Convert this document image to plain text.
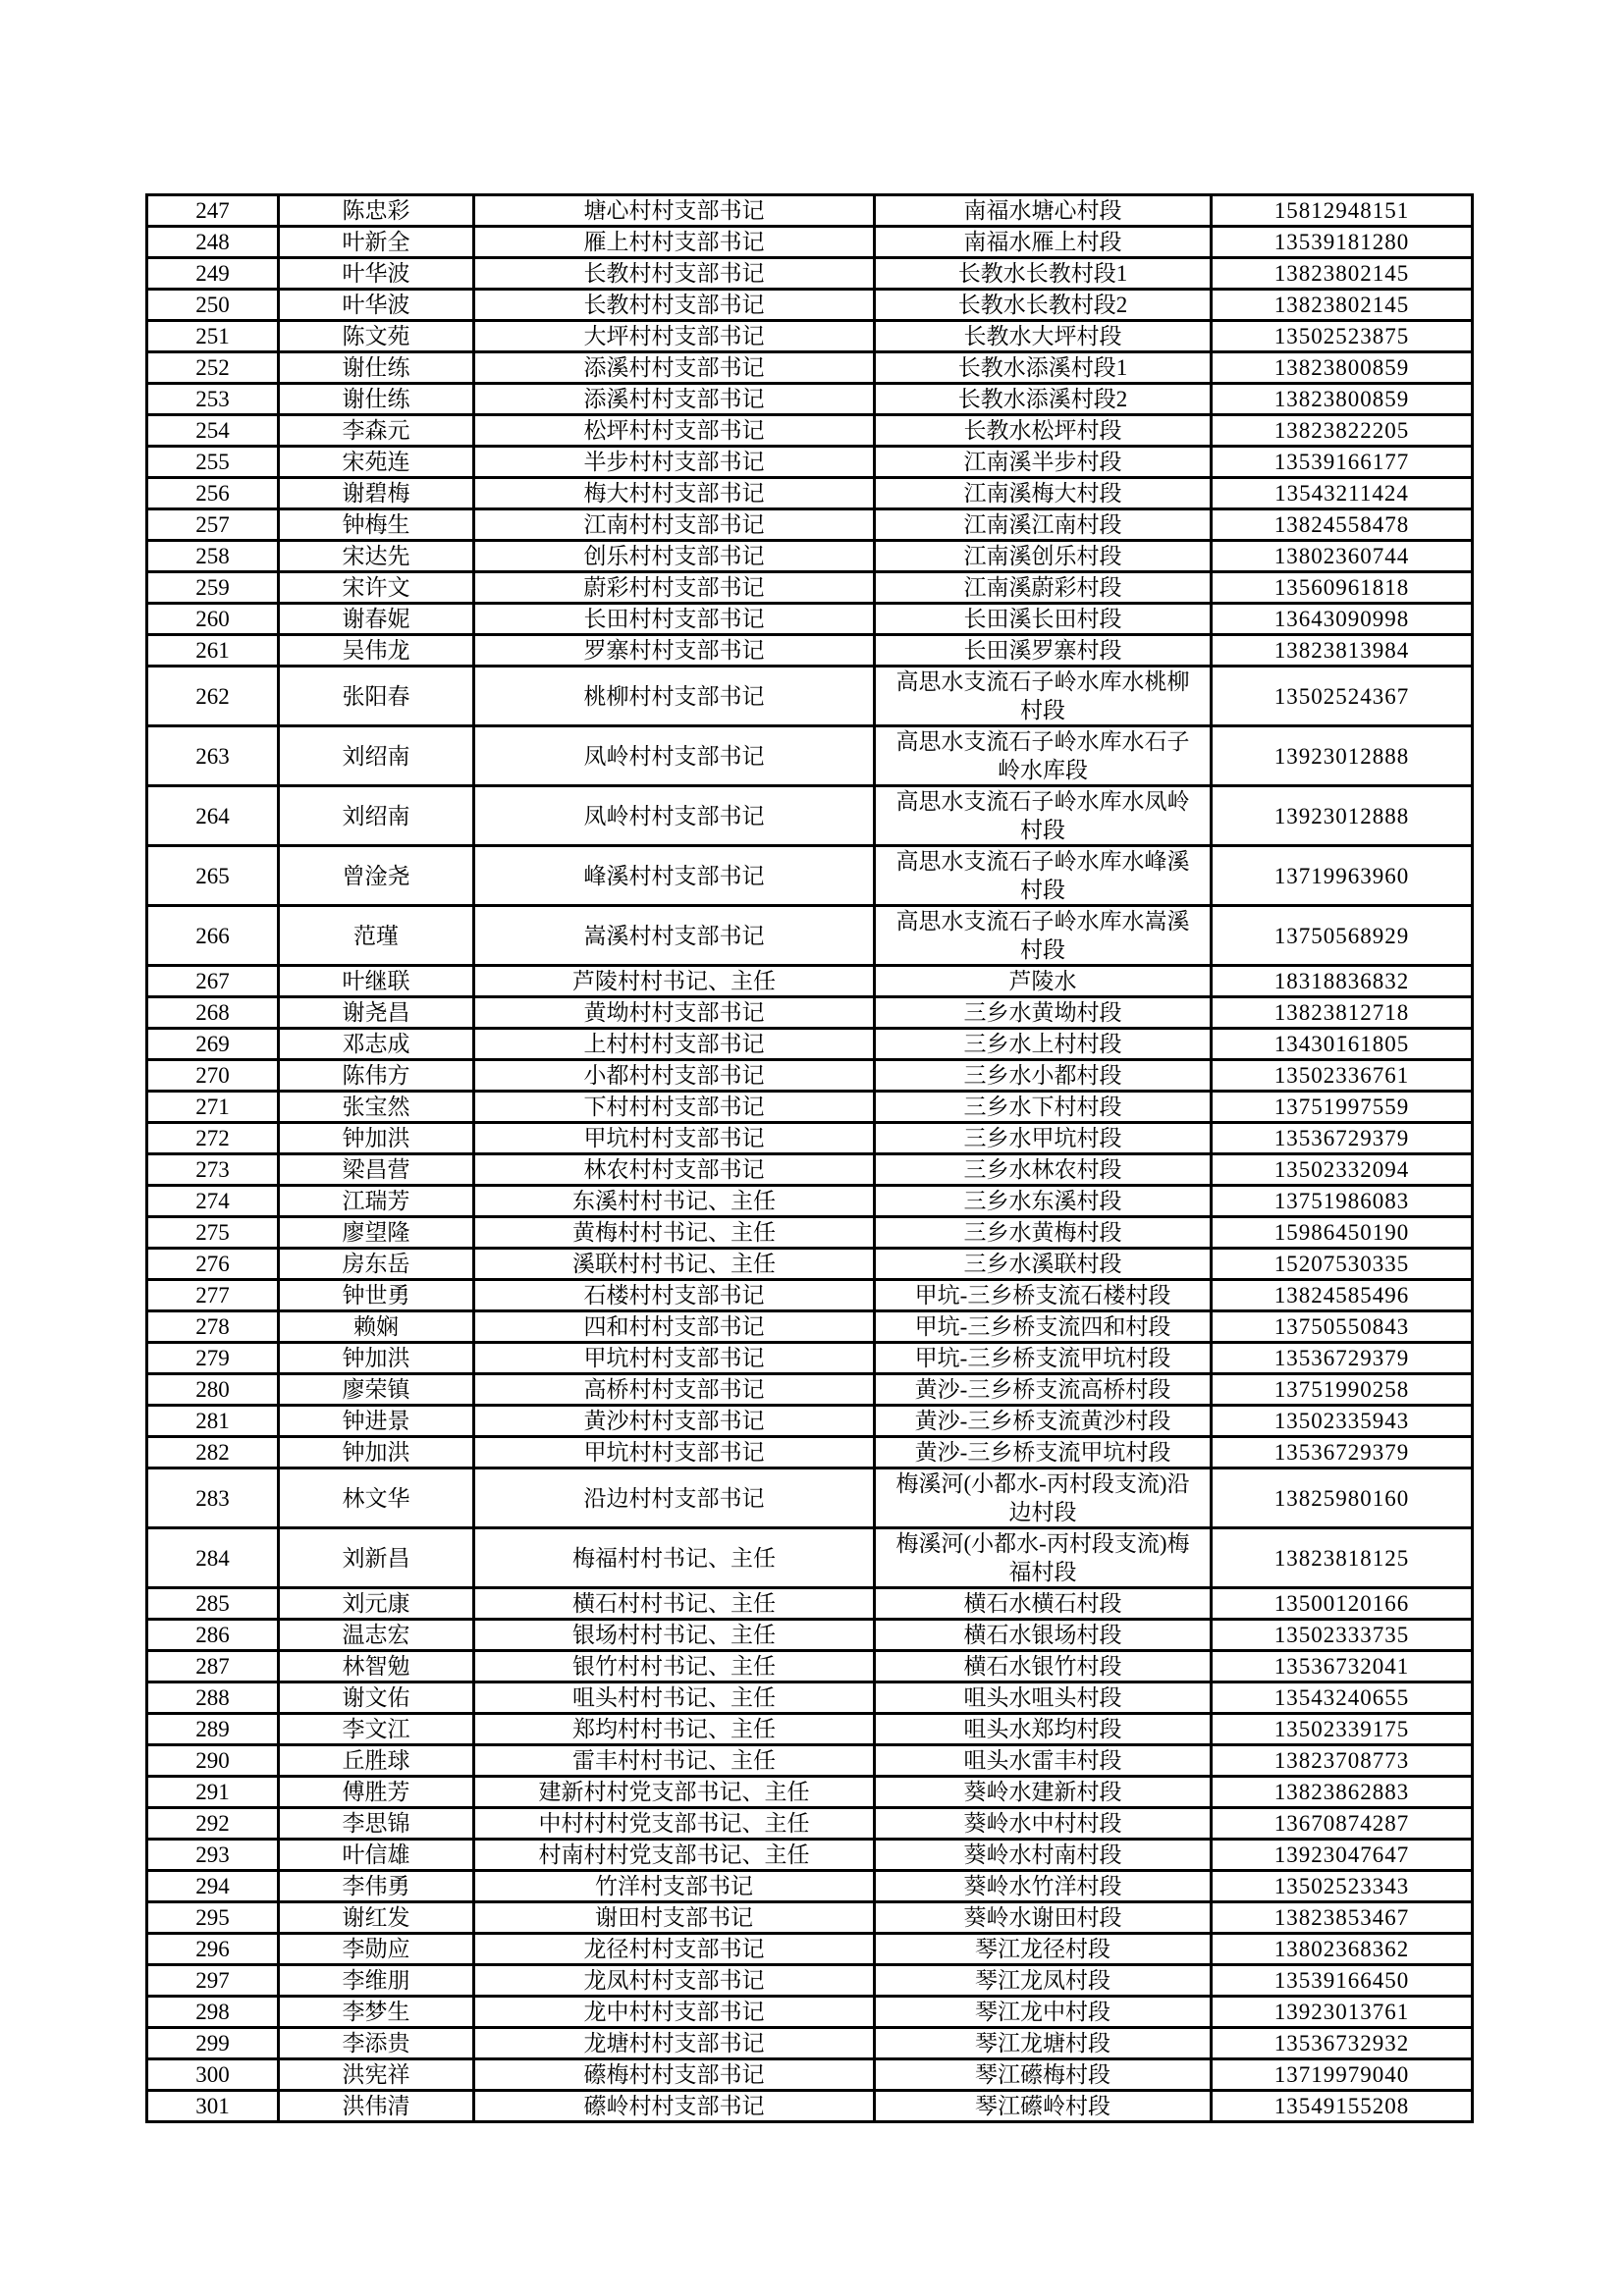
247	陈忠彩	塘心村村支部书记	南福水塘心村段	15812948151
248	叶新全	雁上村村支部书记	南福水雁上村段	13539181280
249	叶华波	长教村村支部书记	长教水长教村段1	13823802145
250	叶华波	长教村村支部书记	长教水长教村段2	13823802145
251	陈文苑	大坪村村支部书记	长教水大坪村段	13502523875
252	谢仕练	添溪村村支部书记	长教水添溪村段1	13823800859
253	谢仕练	添溪村村支部书记	长教水添溪村段2	13823800859
254	李森元	松坪村村支部书记	长教水松坪村段	13823822205
255	宋苑连	半步村村支部书记	江南溪半步村段	13539166177
256	谢碧梅	梅大村村支部书记	江南溪梅大村段	13543211424
257	钟梅生	江南村村支部书记	江南溪江南村段	13824558478
258	宋达先	创乐村村支部书记	江南溪创乐村段	13802360744
259	宋许文	蔚彩村村支部书记	江南溪蔚彩村段	13560961818
260	谢春妮	长田村村支部书记	长田溪长田村段	13643090998
261	吴伟龙	罗寨村村支部书记	长田溪罗寨村段	13823813984
262	张阳春	桃柳村村支部书记	高思水支流石子岭水库水桃柳村段	13502524367
263	刘绍南	凤岭村村支部书记	高思水支流石子岭水库水石子岭水库段	13923012888
264	刘绍南	凤岭村村支部书记	高思水支流石子岭水库水凤岭村段	13923012888
265	曾淦尧	峰溪村村支部书记	高思水支流石子岭水库水峰溪村段	13719963960
266	范瑾	嵩溪村村支部书记	高思水支流石子岭水库水嵩溪村段	13750568929
267	叶继联	芦陵村村书记、主任	芦陵水	18318836832
268	谢尧昌	黄坳村村支部书记	三乡水黄坳村段	13823812718
269	邓志成	上村村村支部书记	三乡水上村村段	13430161805
270	陈伟方	小都村村支部书记	三乡水小都村段	13502336761
271	张宝然	下村村村支部书记	三乡水下村村段	13751997559
272	钟加洪	甲坑村村支部书记	三乡水甲坑村段	13536729379
273	梁昌营	林农村村支部书记	三乡水林农村段	13502332094
274	江瑞芳	东溪村村书记、主任	三乡水东溪村段	13751986083
275	廖望隆	黄梅村村书记、主任	三乡水黄梅村段	15986450190
276	房东岳	溪联村村书记、主任	三乡水溪联村段	15207530335
277	钟世勇	石楼村村支部书记	甲坑-三乡桥支流石楼村段	13824585496
278	赖娴	四和村村支部书记	甲坑-三乡桥支流四和村段	13750550843
279	钟加洪	甲坑村村支部书记	甲坑-三乡桥支流甲坑村段	13536729379
280	廖荣镇	高桥村村支部书记	黄沙-三乡桥支流高桥村段	13751990258
281	钟进景	黄沙村村支部书记	黄沙-三乡桥支流黄沙村段	13502335943
282	钟加洪	甲坑村村支部书记	黄沙-三乡桥支流甲坑村段	13536729379
283	林文华	沿边村村支部书记	梅溪河(小都水-丙村段支流)沿边村段	13825980160
284	刘新昌	梅福村村书记、主任	梅溪河(小都水-丙村段支流)梅福村段	13823818125
285	刘元康	横石村村书记、主任	横石水横石村段	13500120166
286	温志宏	银场村村书记、主任	横石水银场村段	13502333735
287	林智勉	银竹村村书记、主任	横石水银竹村段	13536732041
288	谢文佑	咀头村村书记、主任	咀头水咀头村段	13543240655
289	李文江	郑均村村书记、主任	咀头水郑均村段	13502339175
290	丘胜球	雷丰村村书记、主任	咀头水雷丰村段	13823708773
291	傅胜芳	建新村村党支部书记、主任	葵岭水建新村段	13823862883
292	李思锦	中村村村党支部书记、主任	葵岭水中村村段	13670874287
293	叶信雄	村南村村党支部书记、主任	葵岭水村南村段	13923047647
294	李伟勇	竹洋村支部书记	葵岭水竹洋村段	13502523343
295	谢红发	谢田村支部书记	葵岭水谢田村段	13823853467
296	李勋应	龙径村村支部书记	琴江龙径村段	13802368362
297	李维朋	龙凤村村支部书记	琴江龙凤村段	13539166450
298	李梦生	龙中村村支部书记	琴江龙中村段	13923013761
299	李添贵	龙塘村村支部书记	琴江龙塘村段	13536732932
300	洪宪祥	礤梅村村支部书记	琴江礤梅村段	13719979040
301	洪伟清	礤岭村村支部书记	琴江礤岭村段	13549155208
